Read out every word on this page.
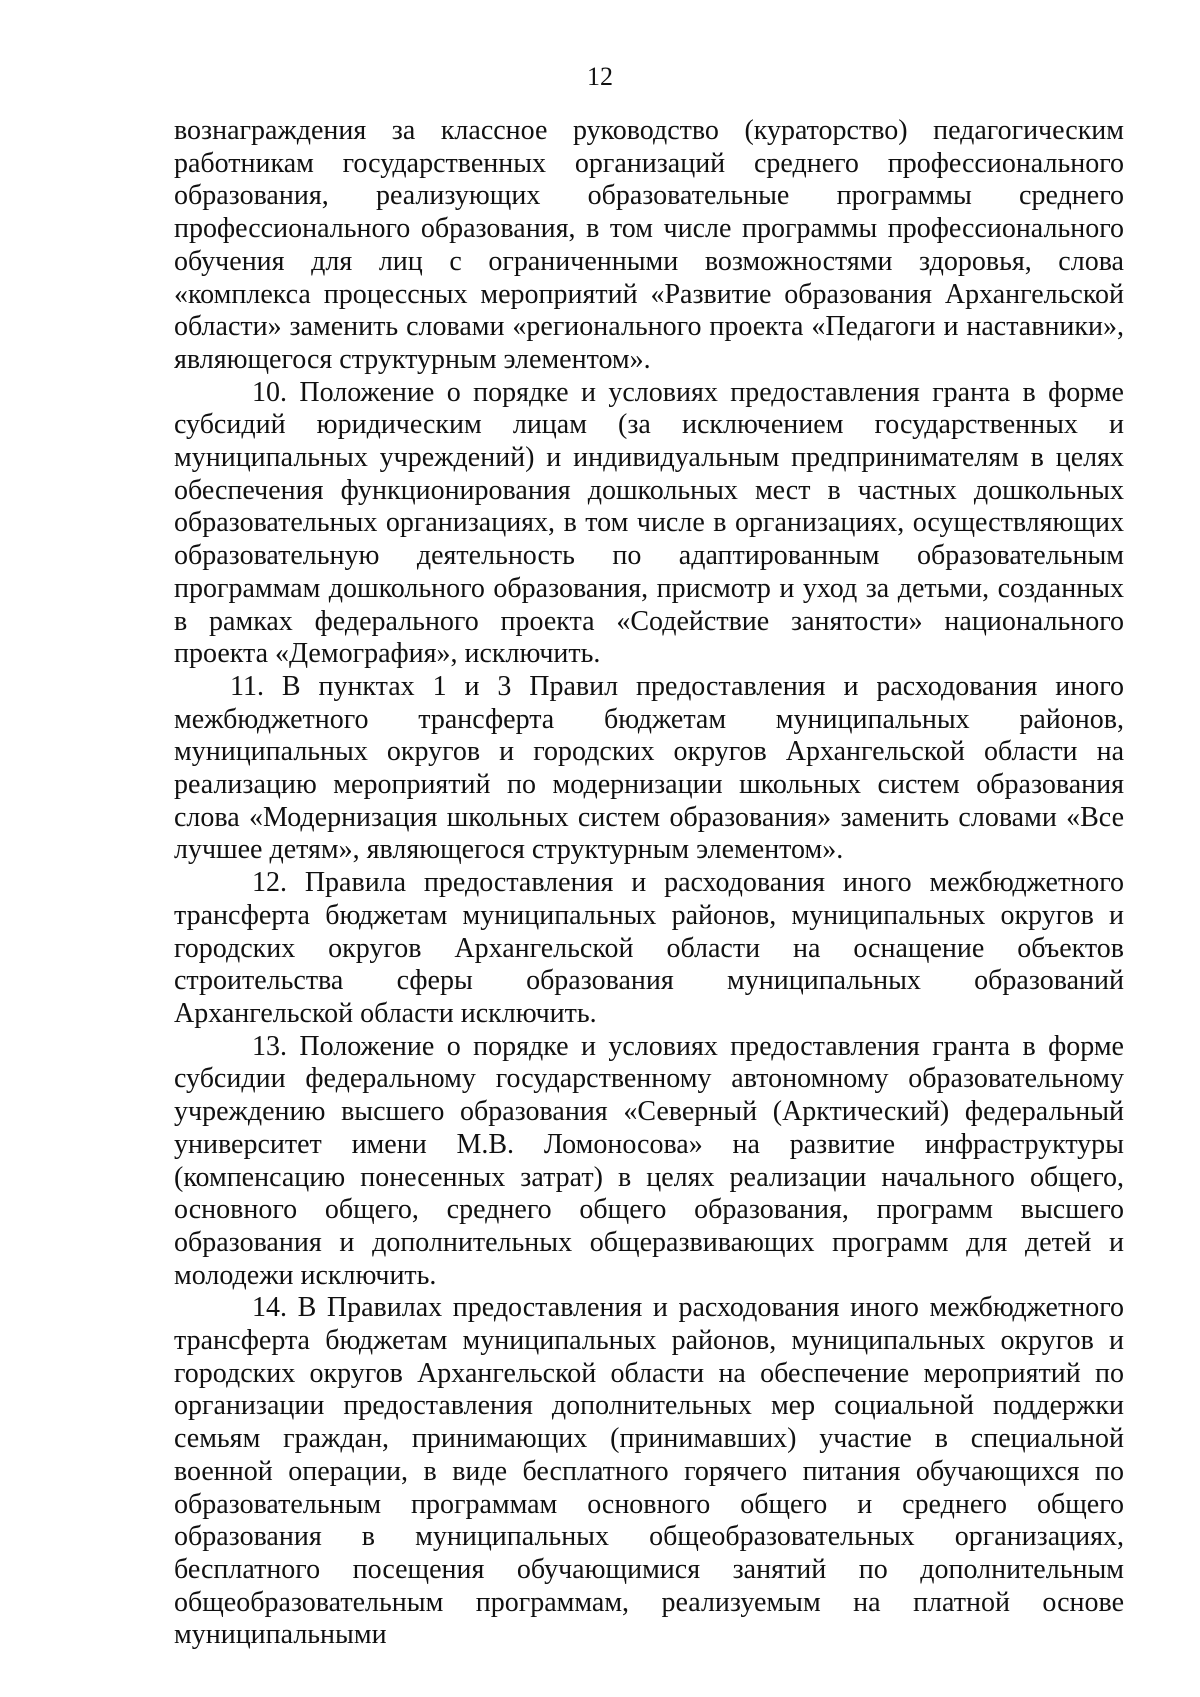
12

вознаграждения за классное руководство (кураторство) педагогическим работникам государственных организаций среднего профессионального образования, реализующих образовательные программы среднего профессионального образования, в том числе программы профессионального обучения для лиц с ограниченными возможностями здоровья, слова «комплекса процессных мероприятий «Развитие образования Архангельской области» заменить словами «регионального проекта «Педагоги и наставники», являющегося структурным элементом».

10. Положение о порядке и условиях предоставления гранта в форме субсидий юридическим лицам (за исключением государственных и муниципальных учреждений) и индивидуальным предпринимателям в целях обеспечения функционирования дошкольных мест в частных дошкольных образовательных организациях, в том числе в организациях, осуществляющих образовательную деятельность по адаптированным образовательным программам дошкольного образования, присмотр и уход за детьми, созданных в рамках федерального проекта «Содействие занятости» национального проекта «Демография», исключить.

11. В пунктах 1 и 3 Правил предоставления и расходования иного межбюджетного трансферта бюджетам муниципальных районов, муниципальных округов и городских округов Архангельской области на реализацию мероприятий по модернизации школьных систем образования слова «Модернизация школьных систем образования» заменить словами «Все лучшее детям», являющегося структурным элементом».

12. Правила предоставления и расходования иного межбюджетного трансферта бюджетам муниципальных районов, муниципальных округов и городских округов Архангельской области на оснащение объектов строительства сферы образования муниципальных образований Архангельской области исключить.

13. Положение о порядке и условиях предоставления гранта в форме субсидии федеральному государственному автономному образовательному учреждению высшего образования «Северный (Арктический) федеральный университет имени М.В. Ломоносова» на развитие инфраструктуры (компенсацию понесенных затрат) в целях реализации начального общего, основного общего, среднего общего образования, программ высшего образования и дополнительных общеразвивающих программ для детей и молодежи исключить.

14. В Правилах предоставления и расходования иного межбюджетного трансферта бюджетам муниципальных районов, муниципальных округов и городских округов Архангельской области на обеспечение мероприятий по организации предоставления дополнительных мер социальной поддержки семьям граждан, принимающих (принимавших) участие в специальной военной операции, в виде бесплатного горячего питания обучающихся по образовательным программам основного общего и среднего общего образования в муниципальных общеобразовательных организациях, бесплатного посещения обучающимися занятий по дополнительным общеобразовательным программам, реализуемым на платной основе муниципальными
